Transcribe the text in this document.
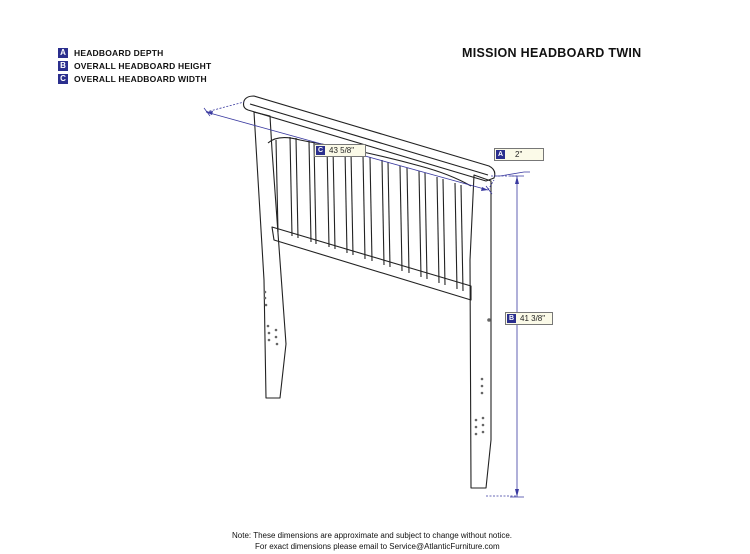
A HEADBOARD DEPTH
B OVERALL HEADBOARD HEIGHT
C OVERALL HEADBOARD WIDTH
MISSION HEADBOARD TWIN
C 43 5/8"	A	2"
B 41 3/8"
Note: These dimensions are approximate and subject to change without notice.
For exact dimensions please email to Service@AtlanticFurniture.com
